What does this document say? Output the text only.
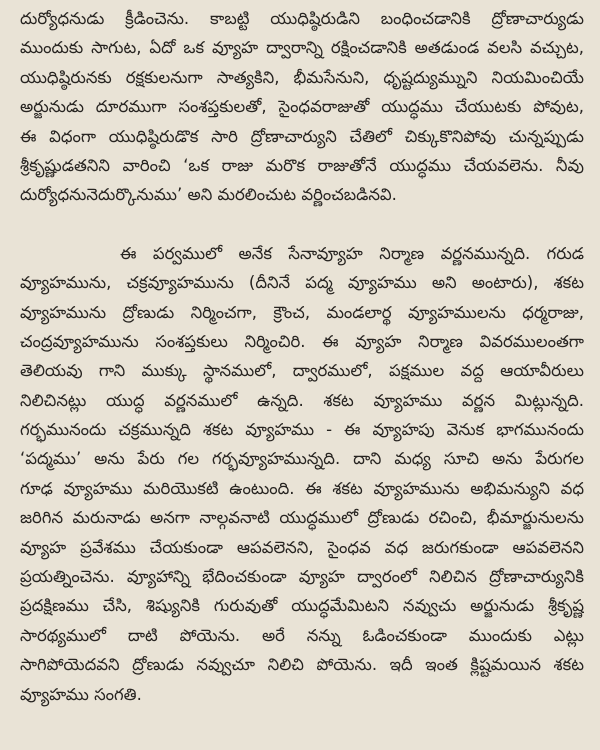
దుర్యోధనుడు క్రీడించెను. కాబట్టి యుధిష్ఠిరుడిని బంధించడానికి ద్రోణాచార్యుడు
ముందుకు సాగుట, ఏదో ఒక వ్యూహ ద్వారాన్ని రక్షించడానికి అతడుండ వలసి వచ్చుట,
యుధిష్ఠిరునకు రక్షకులనుగా సాత్యకిని, భీమసేనుని, ధృష్టద్యుమ్నుని నియమించియే
అర్జునుడు దూరముగా సంశప్తకులతో, సైంధవరాజుతో యుద్ధము చేయుటకు పోవుట,
ఈ విధంగా యుధిష్ఠిరుడొక సారి ద్రోణాచార్యుని చేతిలో చిక్కుకొనిపోవు చున్నప్పుడు
శ్రీకృష్ణుడతనిని వారించి ‘ఒక రాజు మరొక రాజుతోనే యుద్ధము చేయవలెను. నీవు
దుర్యోధనునెదుర్కొనుము’ అని మరలించుట వర్ణించబడినవి.
ఈ పర్వములో అనేక సేనావ్యూహ నిర్మాణ వర్ణనమున్నది. గరుడ
వ్యూహమును, చక్రవ్యూహమును (దీనినే పద్మ వ్యూహము అని అంటారు), శకట
వ్యూహమును ద్రోణుడు నిర్మించగా, క్రౌంచ, మండలార్థ వ్యూహములను ధర్మరాజు,
చంద్రవ్యూహమును సంశప్తకులు నిర్మించిరి. ఈ వ్యూహ నిర్మాణ వివరములంతగా
తెలియవు గాని ముక్కు స్థానములో, ద్వారములో, పక్షముల వద్ద ఆయావీరులు
నిలిచినట్లు యుద్ధ వర్ణనములో ఉన్నది. శకట వ్యూహము వర్ణన మిట్లున్నది.
గర్భమునందు చక్రమున్నది శకట వ్యూహము - ఈ వ్యూహపు వెనుక భాగమునందు
‘పద్మము’ అను పేరు గల గర్భవ్యూహమున్నది. దాని మధ్య సూచి అను పేరుగల
గూఢ వ్యూహము మరియొకటి ఉంటుంది. ఈ శకట వ్యూహమును అభిమన్యుని వధ
జరిగిన మరునాడు అనగా నాల్గవనాటి యుద్ధములో ద్రోణుడు రచించి, భీమార్జునులను
వ్యూహ ప్రవేశము చేయకుండా ఆపవలెనని, సైంధవ వధ జరుగకుండా ఆపవలెనని
ప్రయత్నించెను. వ్యూహాన్ని భేదించకుండా వ్యూహ ద్వారంలో నిలిచిన ద్రోణాచార్యునికి
ప్రదక్షిణము చేసి, శిష్యునికి గురువుతో యుద్ధమేమిటని నవ్వుచు అర్జునుడు శ్రీకృష్ణ
సారథ్యములో దాటి పోయెను. అరే నన్ను ఓడించకుండా ముందుకు ఎట్లు
సాగిపోయెదవని ద్రోణుడు నవ్వుచూ నిలిచి పోయెను. ఇదీ ఇంత క్లిష్టమయిన శకట
వ్యూహము సంగతి.
